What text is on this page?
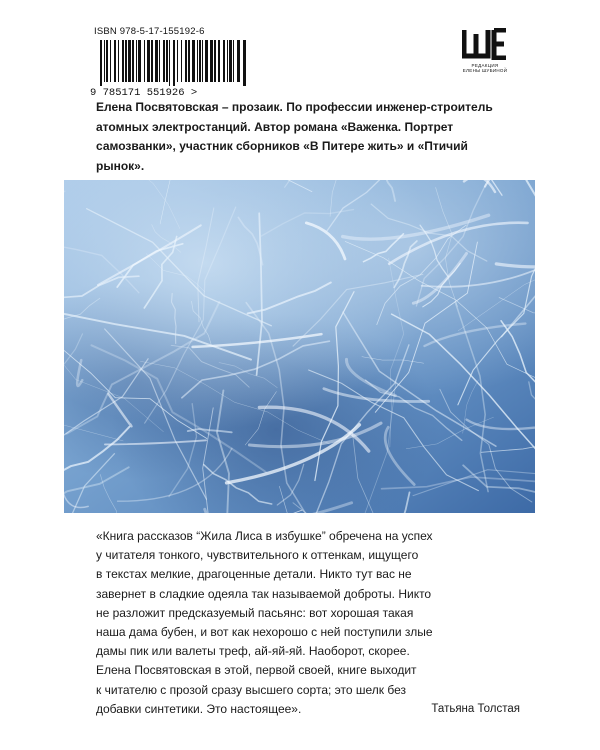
ISBN 978-5-17-155192-6
9 785171 551926 >
РЕДАКЦИЯ
ЕЛЕНЫ ШУБИНОЙ

Елена Посвятовская – прозаик. По профессии инженер-строитель атомных электростанций. Автор романа «Важенка. Портрет самозванки», участник сборников «В Питере жить» и «Птичий рынок».

«Книга рассказов “Жила Лиса в избушке” обречена на успех
у читателя тонкого, чувствительного к оттенкам, ищущего
в текстах мелкие, драгоценные детали. Никто тут вас не
завернет в сладкие одеяла так называемой доброты. Никто
не разложит предсказуемый пасьянс: вот хорошая такая
наша дама бубен, и вот как нехорошо с ней поступили злые
дамы пик или валеты треф, ай-яй-яй. Наоборот, скорее.
Елена Посвятовская в этой, первой своей, книге выходит
к читателю с прозой сразу высшего сорта; это шелк без
добавки синтетики. Это настоящее».	Татьяна Толстая
